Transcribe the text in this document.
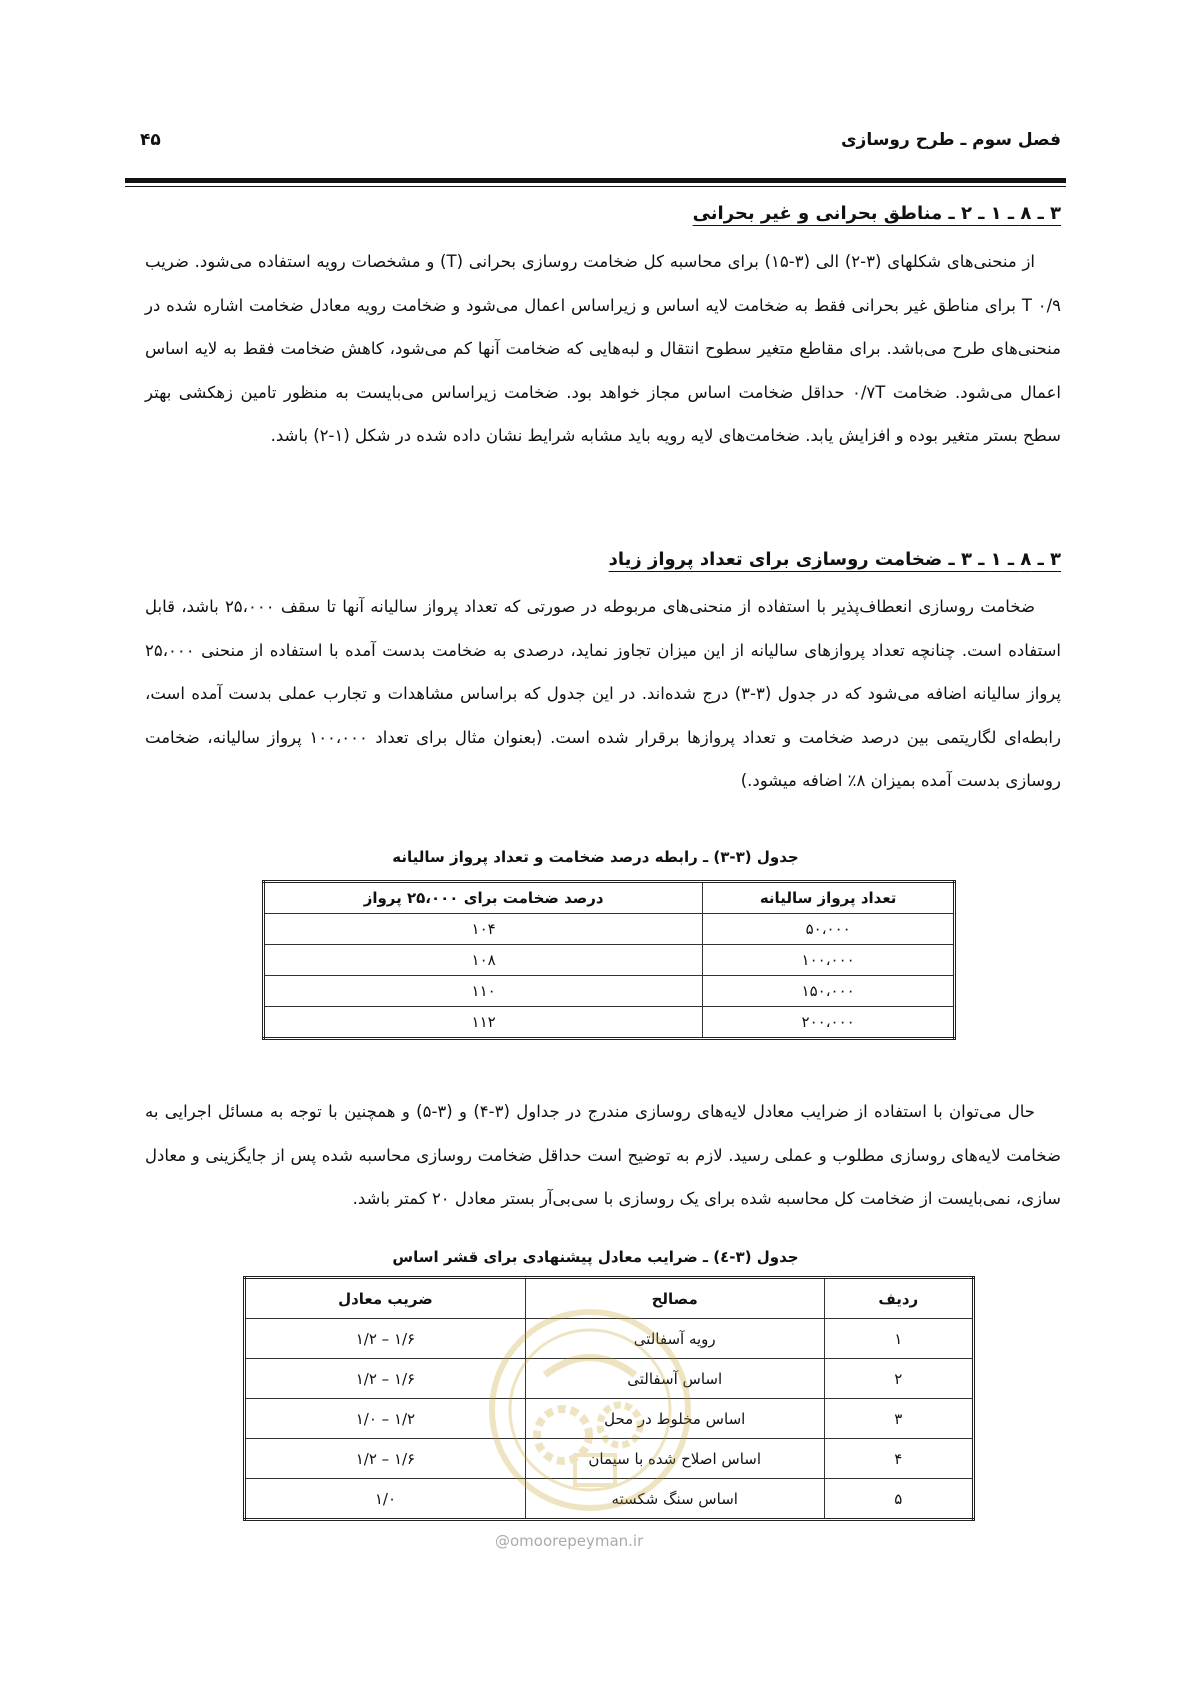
فصل سوم ـ طرح روسازی
۴۵
۳ ـ ۸ ـ ۱ ـ ۲ ـ مناطق بحرانی و غیر بحرانی

از منحنی‌های شکلهای (۳-۲) الی (۳-۱۵) برای محاسبه کل ضخامت روسازی بحرانی (T) و مشخصات رویه استفاده می‌شود. ضریب T ۰/۹ برای مناطق غیر بحرانی فقط به ضخامت لایه اساس و زیراساس اعمال می‌شود و ضخامت رویه معادل ضخامت اشاره شده در منحنی‌های طرح می‌باشد. برای مقاطع متغیر سطوح انتقال و لبه‌هایی که ضخامت آنها کم می‌شود، کاهش ضخامت فقط به لایه اساس اعمال می‌شود. ضخامت ۰/۷T حداقل ضخامت اساس مجاز خواهد بود. ضخامت زیراساس می‌بایست به منظور تامین زهکشی بهتر سطح بستر متغیر بوده و افزایش یابد. ضخامت‌های لایه رویه باید مشابه شرایط نشان داده شده در شکل (۱-۲) باشد.

۳ ـ ۸ ـ ۱ ـ ۳ ـ ضخامت روسازی برای تعداد پرواز زیاد

ضخامت روسازی انعطاف‌پذیر با استفاده از منحنی‌های مربوطه در صورتی که تعداد پرواز سالیانه آنها تا سقف ۲۵،۰۰۰ باشد، قابل استفاده است. چنانچه تعداد پروازهای سالیانه از این میزان تجاوز نماید، درصدی به ضخامت بدست آمده با استفاده از منحنی ۲۵،۰۰۰ پرواز سالیانه اضافه می‌شود که در جدول (۳-۳) درج شده‌اند. در این جدول که براساس مشاهدات و تجارب عملی بدست آمده است، رابطه‌ای لگاریتمی بین درصد ضخامت و تعداد پروازها برقرار شده است. (بعنوان مثال برای تعداد ۱۰۰،۰۰۰ پرواز سالیانه، ضخامت روسازی بدست آمده بمیزان ۸٪ اضافه میشود.)

جدول (۳-۳) ـ رابطه درصد ضخامت و تعداد پرواز سالیانه
تعداد پرواز سالیانه	درصد ضخامت برای ۲۵،۰۰۰ پرواز
۵۰،۰۰۰	۱۰۴
۱۰۰،۰۰۰	۱۰۸
۱۵۰،۰۰۰	۱۱۰
۲۰۰،۰۰۰	۱۱۲

حال می‌توان با استفاده از ضرایب معادل لایه‌های روسازی مندرج در جداول (۳-۴) و (۳-۵) و همچنین با توجه به مسائل اجرایی به ضخامت لایه‌های روسازی مطلوب و عملی رسید. لازم به توضیح است حداقل ضخامت روسازی محاسبه شده پس از جایگزینی و معادل سازی، نمی‌بایست از ضخامت کل محاسبه شده برای یک روسازی با سی‌بی‌آر بستر معادل ۲۰ کمتر باشد.

جدول (۳-٤) ـ ضرایب معادل پیشنهادی برای قشر اساس
ردیف	مصالح	ضریب معادل
۱	رویه آسفالتی	۱/۶ – ۱/۲
۲	اساس آسفالتی	۱/۶ – ۱/۲
۳	اساس مخلوط در محل	۱/۲ – ۱/۰
۴	اساس اصلاح شده با سیمان	۱/۶ – ۱/۲
۵	اساس سنگ شکسته	۱/۰
@omoorepeyman.ir
